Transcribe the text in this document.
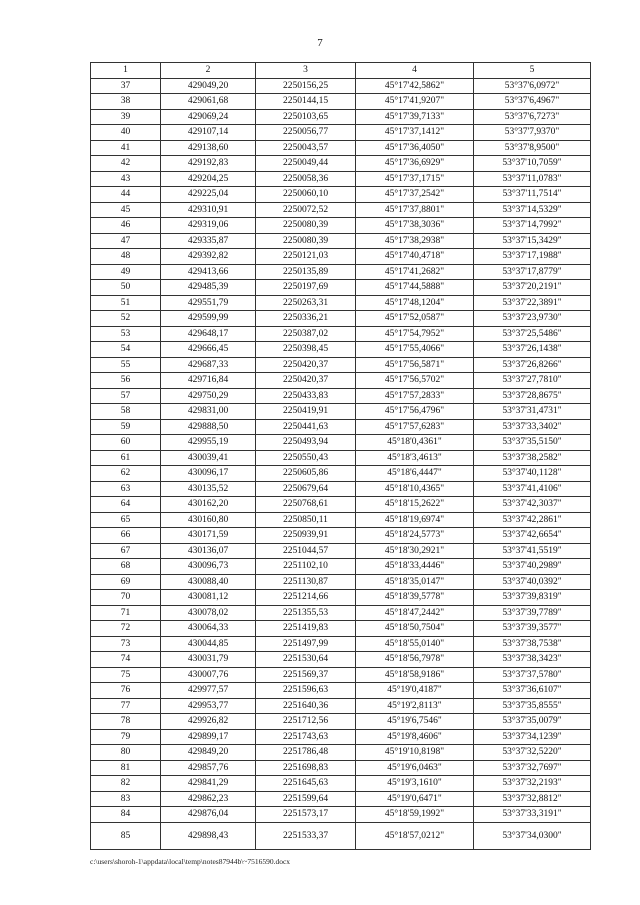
7
1	2	3	4	5
37	429049,20	2250156,25	45°17'42,5862"	53°37'6,0972"
38	429061,68	2250144,15	45°17'41,9207"	53°37'6,4967"
39	429069,24	2250103,65	45°17'39,7133"	53°37'6,7273"
40	429107,14	2250056,77	45°17'37,1412"	53°37'7,9370"
41	429138,60	2250043,57	45°17'36,4050"	53°37'8,9500"
42	429192,83	2250049,44	45°17'36,6929"	53°37'10,7059"
43	429204,25	2250058,36	45°17'37,1715"	53°37'11,0783"
44	429225,04	2250060,10	45°17'37,2542"	53°37'11,7514"
45	429310,91	2250072,52	45°17'37,8801"	53°37'14,5329"
46	429319,06	2250080,39	45°17'38,3036"	53°37'14,7992"
47	429335,87	2250080,39	45°17'38,2938"	53°37'15,3429"
48	429392,82	2250121,03	45°17'40,4718"	53°37'17,1988"
49	429413,66	2250135,89	45°17'41,2682"	53°37'17,8779"
50	429485,39	2250197,69	45°17'44,5888"	53°37'20,2191"
51	429551,79	2250263,31	45°17'48,1204"	53°37'22,3891"
52	429599,99	2250336,21	45°17'52,0587"	53°37'23,9730"
53	429648,17	2250387,02	45°17'54,7952"	53°37'25,5486"
54	429666,45	2250398,45	45°17'55,4066"	53°37'26,1438"
55	429687,33	2250420,37	45°17'56,5871"	53°37'26,8266"
56	429716,84	2250420,37	45°17'56,5702"	53°37'27,7810"
57	429750,29	2250433,83	45°17'57,2833"	53°37'28,8675"
58	429831,00	2250419,91	45°17'56,4796"	53°37'31,4731"
59	429888,50	2250441,63	45°17'57,6283"	53°37'33,3402"
60	429955,19	2250493,94	45°18'0,4361"	53°37'35,5150"
61	430039,41	2250550,43	45°18'3,4613"	53°37'38,2582"
62	430096,17	2250605,86	45°18'6,4447"	53°37'40,1128"
63	430135,52	2250679,64	45°18'10,4365"	53°37'41,4106"
64	430162,20	2250768,61	45°18'15,2622"	53°37'42,3037"
65	430160,80	2250850,11	45°18'19,6974"	53°37'42,2861"
66	430171,59	2250939,91	45°18'24,5773"	53°37'42,6654"
67	430136,07	2251044,57	45°18'30,2921"	53°37'41,5519"
68	430096,73	2251102,10	45°18'33,4446"	53°37'40,2989"
69	430088,40	2251130,87	45°18'35,0147"	53°37'40,0392"
70	430081,12	2251214,66	45°18'39,5778"	53°37'39,8319"
71	430078,02	2251355,53	45°18'47,2442"	53°37'39,7789"
72	430064,33	2251419,83	45°18'50,7504"	53°37'39,3577"
73	430044,85	2251497,99	45°18'55,0140"	53°37'38,7538"
74	430031,79	2251530,64	45°18'56,7978"	53°37'38,3423"
75	430007,76	2251569,37	45°18'58,9186"	53°37'37,5780"
76	429977,57	2251596,63	45°19'0,4187"	53°37'36,6107"
77	429953,77	2251640,36	45°19'2,8113"	53°37'35,8555"
78	429926,82	2251712,56	45°19'6,7546"	53°37'35,0079"
79	429899,17	2251743,63	45°19'8,4606"	53°37'34,1239"
80	429849,20	2251786,48	45°19'10,8198"	53°37'32,5220"
81	429857,76	2251698,83	45°19'6,0463"	53°37'32,7697"
82	429841,29	2251645,63	45°19'3,1610"	53°37'32,2193"
83	429862,23	2251599,64	45°19'0,6471"	53°37'32,8812"
84	429876,04	2251573,17	45°18'59,1992"	53°37'33,3191"
85	429898,43	2251533,37	45°18'57,0212"	53°37'34,0300"
c:\users\shoroh-1\appdata\local\temp\notes87944b\~7516590.docx
